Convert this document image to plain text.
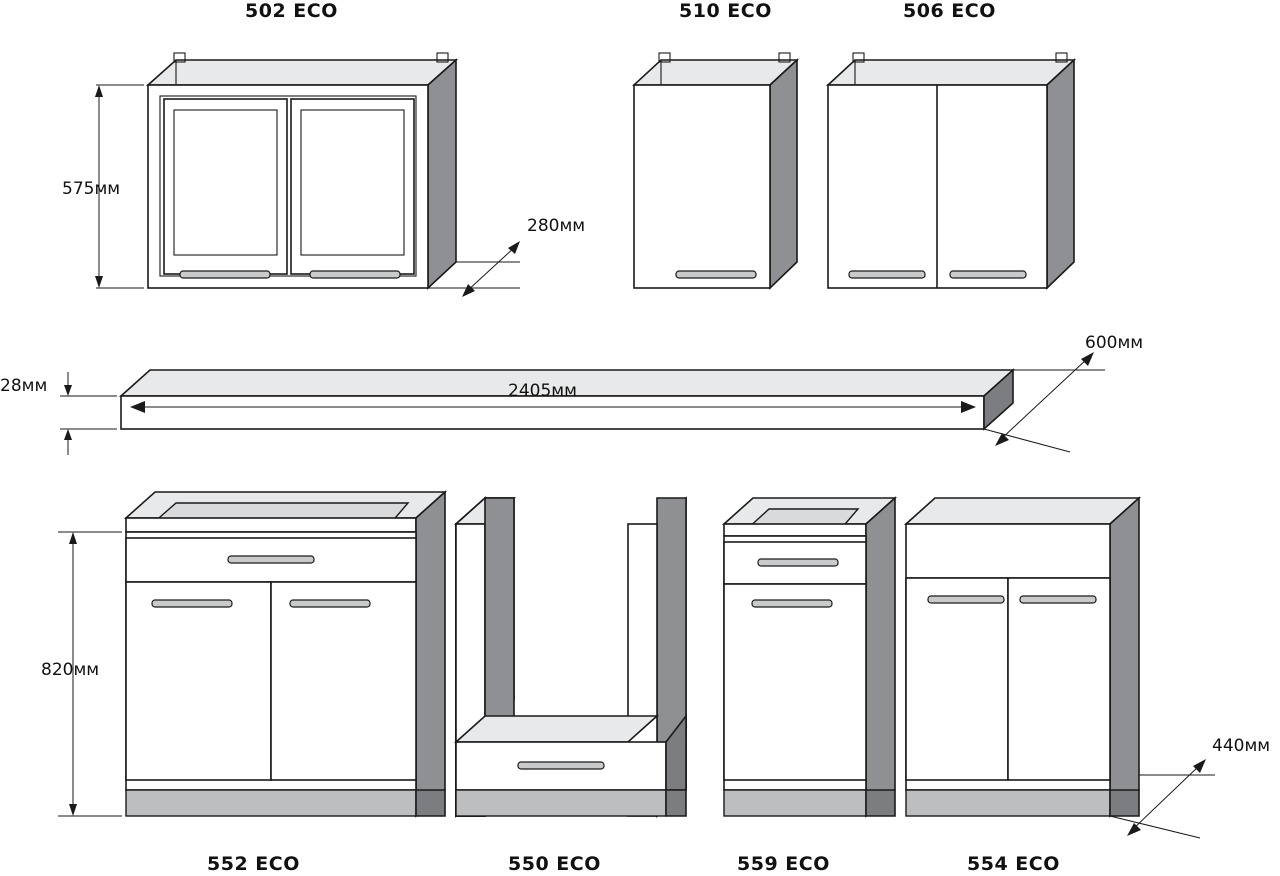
502 ECO	510 ECO	506 ECO
552 ECO	550 ECO	559 ECO	554 ECO
575мм
280мм
28мм	2405мм
600мм
820мм
440мм
